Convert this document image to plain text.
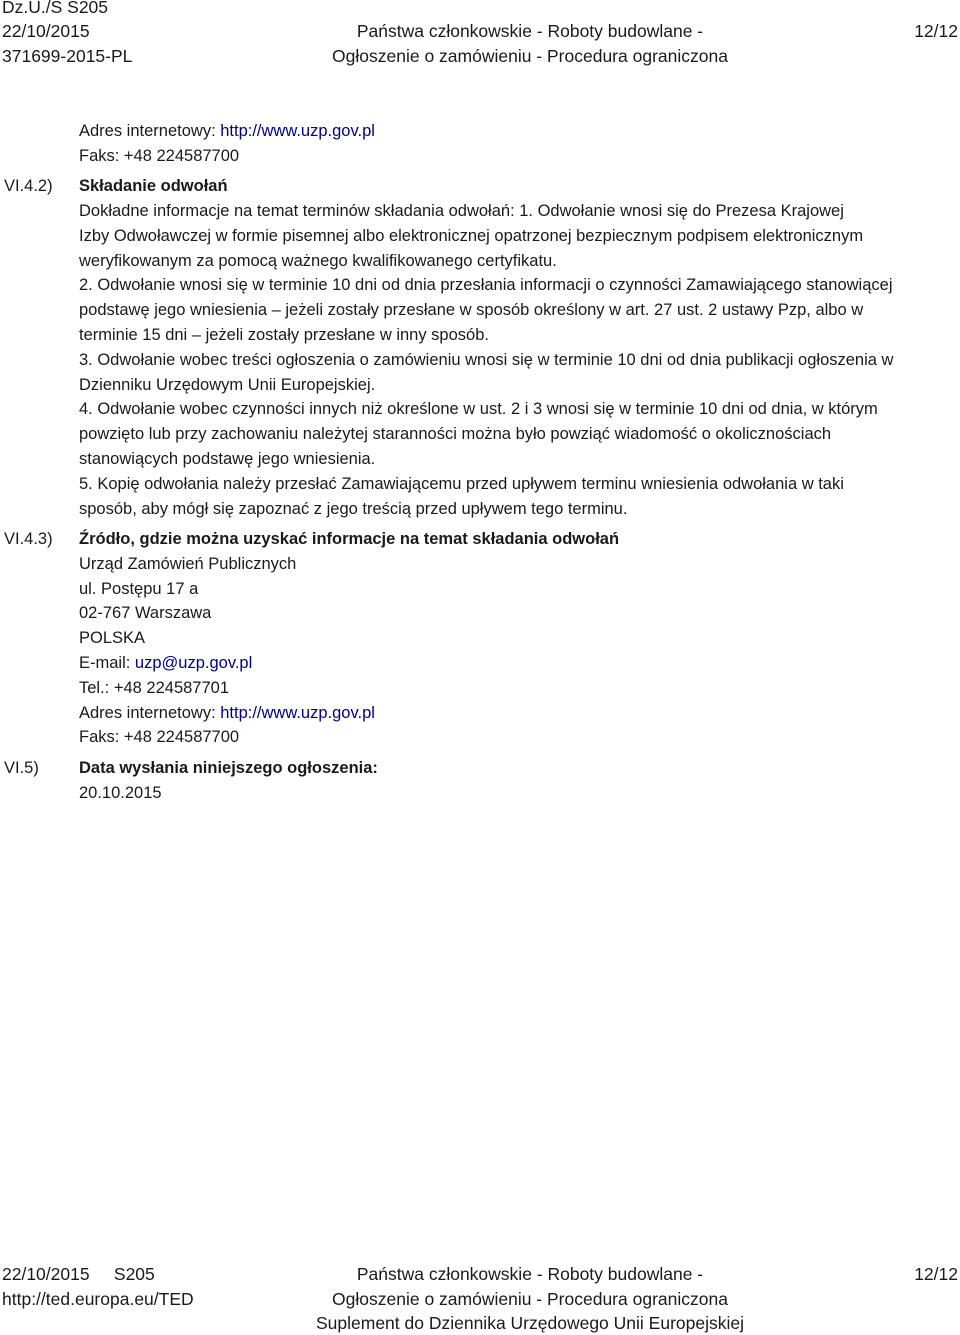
Dz.U./S S205
22/10/2015
371699-2015-PL
Państwa członkowskie - Roboty budowlane -
Ogłoszenie o zamówieniu - Procedura ograniczona
12/12
Adres internetowy: http://www.uzp.gov.pl
Faks: +48 224587700
VI.4.2)	Składanie odwołań
Dokładne informacje na temat terminów składania odwołań: 1. Odwołanie wnosi się do Prezesa Krajowej
Izby Odwoławczej w formie pisemnej albo elektronicznej opatrzonej bezpiecznym podpisem elektronicznym
weryfikowanym za pomocą ważnego kwalifikowanego certyfikatu.
2. Odwołanie wnosi się w terminie 10 dni od dnia przesłania informacji o czynności Zamawiającego stanowiącej
podstawę jego wniesienia – jeżeli zostały przesłane w sposób określony w art. 27 ust. 2 ustawy Pzp, albo w
terminie 15 dni – jeżeli zostały przesłane w inny sposób.
3. Odwołanie wobec treści ogłoszenia o zamówieniu wnosi się w terminie 10 dni od dnia publikacji ogłoszenia w
Dzienniku Urzędowym Unii Europejskiej.
4. Odwołanie wobec czynności innych niż określone w ust. 2 i 3 wnosi się w terminie 10 dni od dnia, w którym
powzięto lub przy zachowaniu należytej staranności można było powziąć wiadomość o okolicznościach
stanowiących podstawę jego wniesienia.
5. Kopię odwołania należy przesłać Zamawiającemu przed upływem terminu wniesienia odwołania w taki
sposób, aby mógł się zapoznać z jego treścią przed upływem tego terminu.
VI.4.3)	Źródło, gdzie można uzyskać informacje na temat składania odwołań
Urząd Zamówień Publicznych
ul. Postępu 17 a
02-767 Warszawa
POLSKA
E-mail: uzp@uzp.gov.pl
Tel.: +48 224587701
Adres internetowy: http://www.uzp.gov.pl
Faks: +48 224587700
VI.5)	Data wysłania niniejszego ogłoszenia:
20.10.2015
22/10/2015     S205
http://ted.europa.eu/TED
Państwa członkowskie - Roboty budowlane -
Ogłoszenie o zamówieniu - Procedura ograniczona
Suplement do Dziennika Urzędowego Unii Europejskiej
12/12
